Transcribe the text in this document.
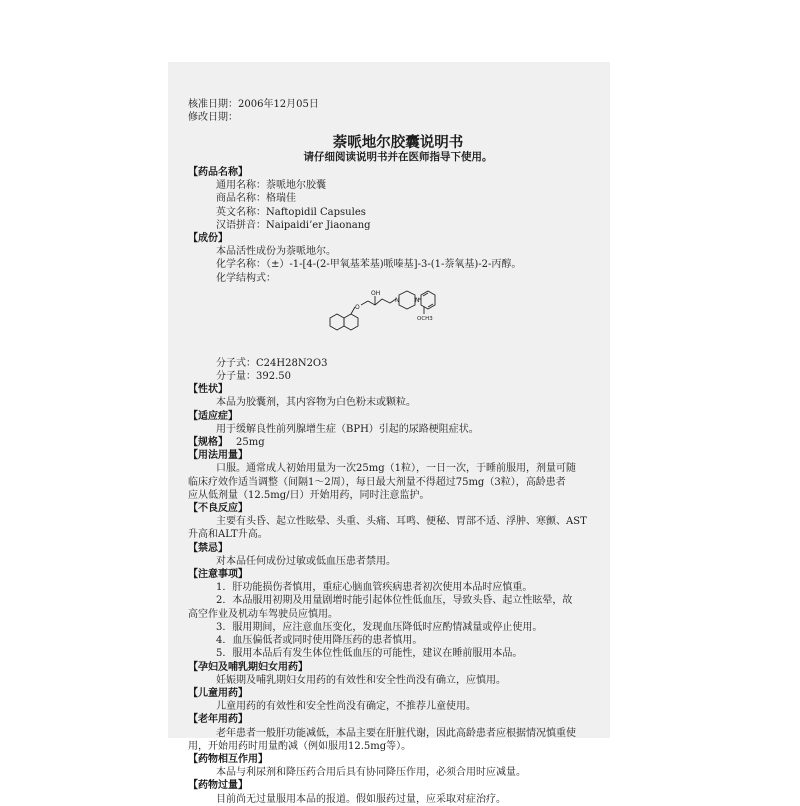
核准日期：2006年12月05日
修改日期：
萘哌地尔胶囊说明书
请仔细阅读说明书并在医师指导下使用。
【药品名称】
通用名称：萘哌地尔胶囊
商品名称：格瑞佳
英文名称：Naftopidil Capsules
汉语拼音：Naipaidi’er Jiaonang
【成份】
本品活性成份为萘哌地尔。
化学名称：（±）-1-[4-(2-甲氧基苯基)哌嗪基]-3-(1-萘氧基)-2-丙醇。
化学结构式：
O
OH
N	N
OCH3
分子式：C24H28N2O3
分子量：392.50
【性状】
本品为胶囊剂，其内容物为白色粉末或颗粒。
【适应症】
用于缓解良性前列腺增生症（BPH）引起的尿路梗阻症状。
【规格】 25mg
【用法用量】
口服。通常成人初始用量为一次25mg（1粒），一日一次，于睡前服用，剂量可随
临床疗效作适当调整（间隔1～2周），每日最大剂量不得超过75mg（3粒），高龄患者
应从低剂量（12.5mg/日）开始用药，同时注意监护。
【不良反应】
主要有头昏、起立性眩晕、头重、头痛、耳鸣、便秘、胃部不适、浮肿、寒颤、AST
升高和ALT升高。
【禁忌】
对本品任何成份过敏或低血压患者禁用。
【注意事项】
1．肝功能损伤者慎用，重症心脑血管疾病患者初次使用本品时应慎重。
2．本品服用初期及用量剧增时能引起体位性低血压，导致头昏、起立性眩晕，故
高空作业及机动车驾驶员应慎用。
3．服用期间，应注意血压变化，发现血压降低时应酌情减量或停止使用。
4．血压偏低者或同时使用降压药的患者慎用。
5．服用本品后有发生体位性低血压的可能性，建议在睡前服用本品。
【孕妇及哺乳期妇女用药】
妊娠期及哺乳期妇女用药的有效性和安全性尚没有确立，应慎用。
【儿童用药】
儿童用药的有效性和安全性尚没有确定，不推荐儿童使用。
【老年用药】
老年患者一般肝功能减低，本品主要在肝脏代谢，因此高龄患者应根据情况慎重使
用，开始用药时用量酌减（例如服用12.5mg等）。
【药物相互作用】
本品与利尿剂和降压药合用后具有协同降压作用，必须合用时应减量。
【药物过量】
目前尚无过量服用本品的报道。假如服药过量，应采取对症治疗。
